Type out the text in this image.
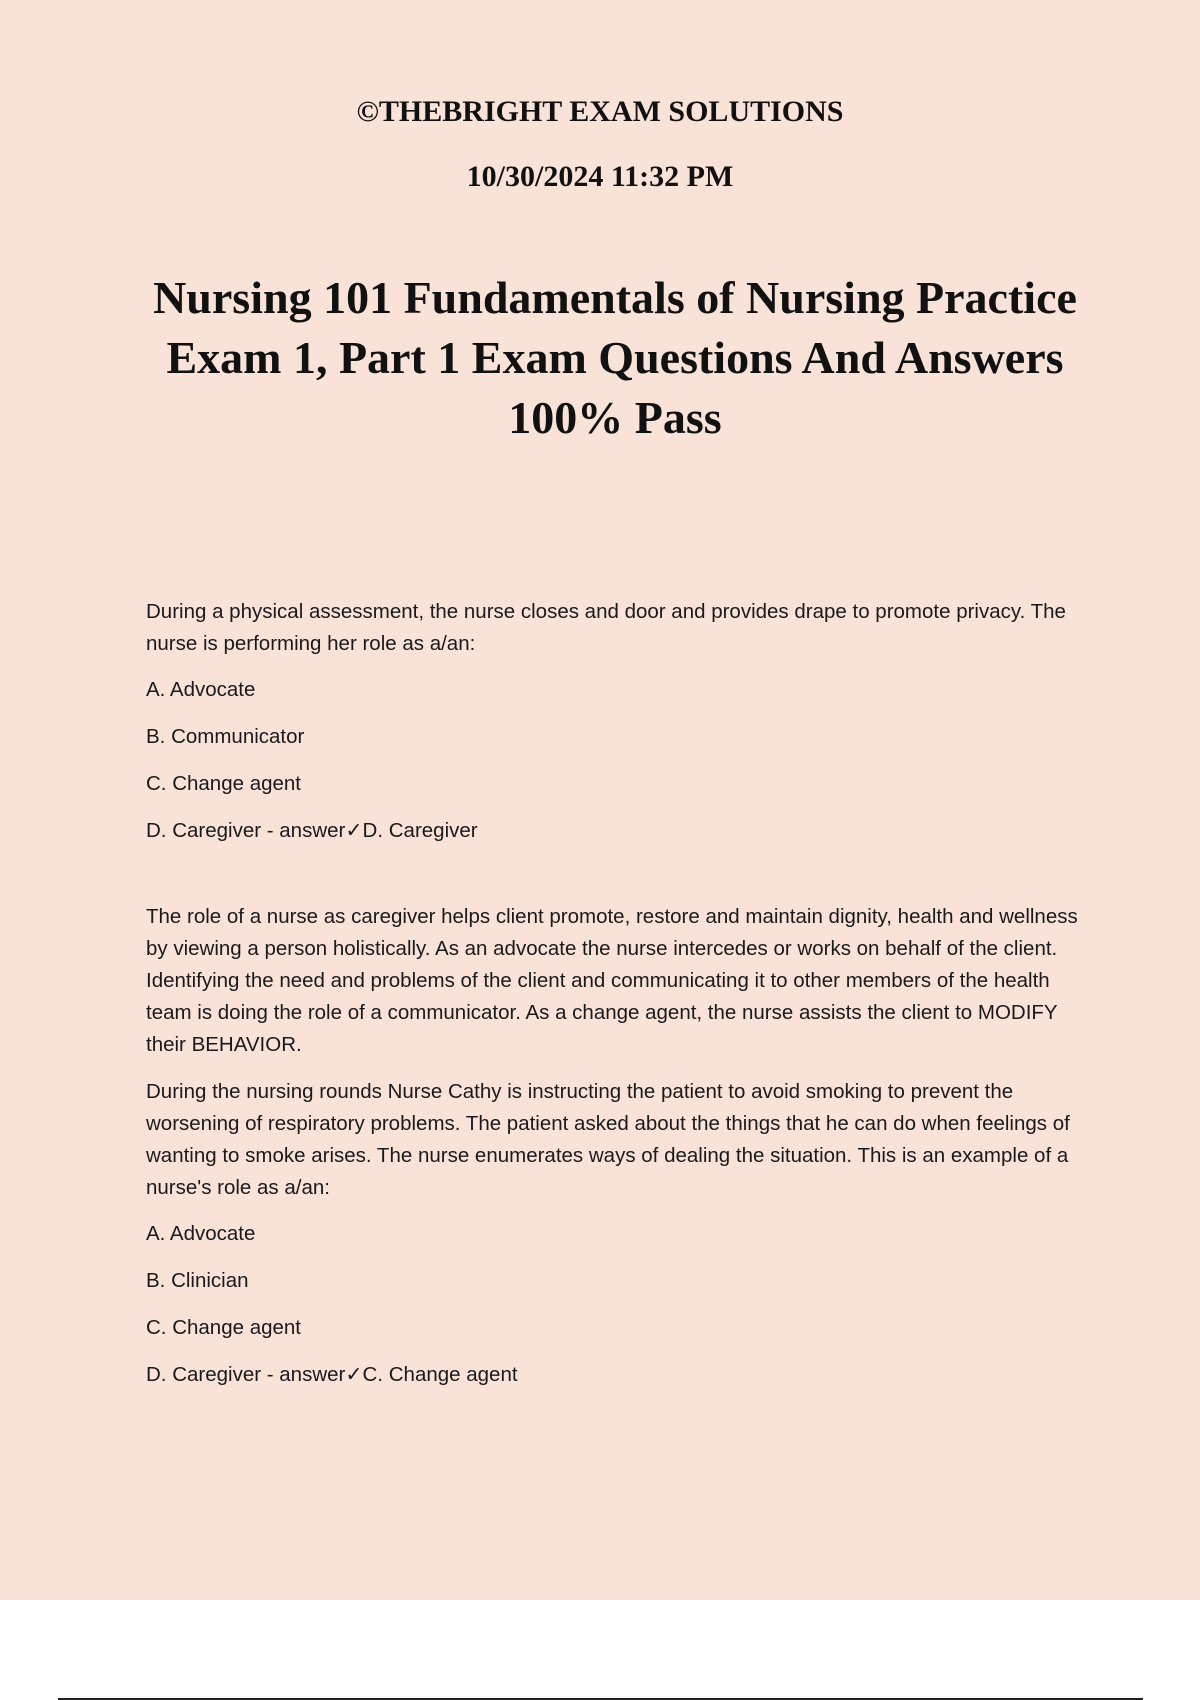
©THEBRIGHT EXAM SOLUTIONS

10/30/2024 11:32 PM

Nursing 101 Fundamentals of Nursing Practice Exam 1, Part 1 Exam Questions And Answers 100% Pass

During a physical assessment, the nurse closes and door and provides drape to promote privacy. The nurse is performing her role as a/an:

A. Advocate

B. Communicator

C. Change agent

D. Caregiver - answer✓D. Caregiver

The role of a nurse as caregiver helps client promote, restore and maintain dignity, health and wellness by viewing a person holistically. As an advocate the nurse intercedes or works on behalf of the client. Identifying the need and problems of the client and communicating it to other members of the health team is doing the role of a communicator. As a change agent, the nurse assists the client to MODIFY their BEHAVIOR.

During the nursing rounds Nurse Cathy is instructing the patient to avoid smoking to prevent the worsening of respiratory problems. The patient asked about the things that he can do when feelings of wanting to smoke arises. The nurse enumerates ways of dealing the situation. This is an example of a nurse's role as a/an:

A. Advocate

B. Clinician

C. Change agent

D. Caregiver - answer✓C. Change agent
